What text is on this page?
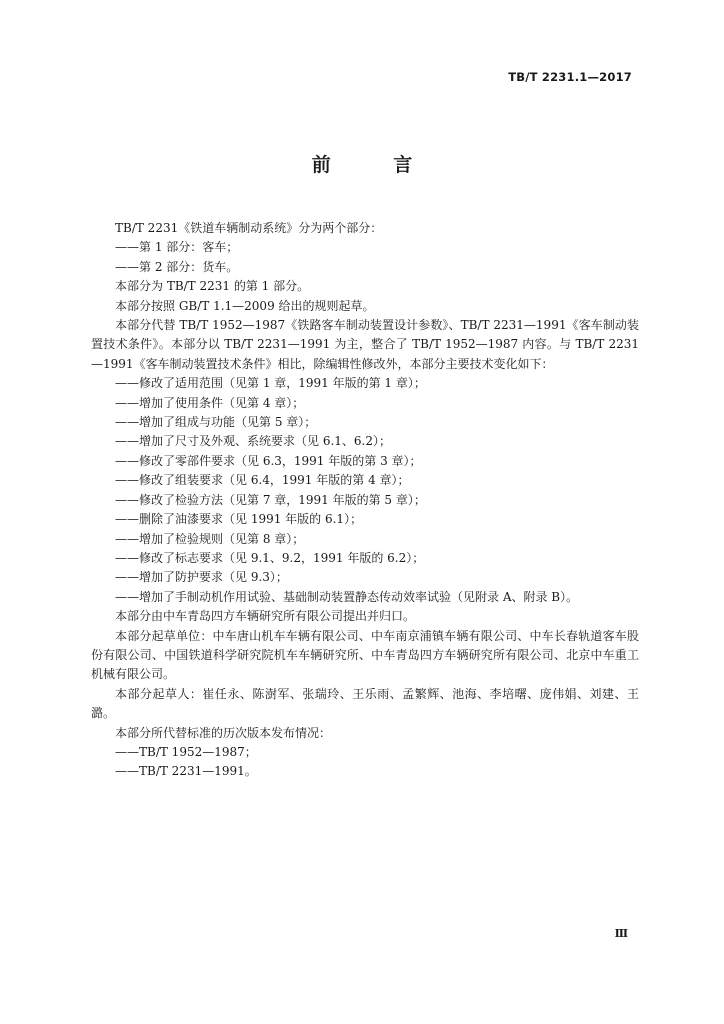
TB/T 2231.1—2017
前 言

TB/T 2231《铁道车辆制动系统》分为两个部分：

——第 1 部分：客车；

——第 2 部分：货车。

本部分为 TB/T 2231 的第 1 部分。

本部分按照 GB/T 1.1—2009 给出的规则起草。

本部分代替 TB/T 1952—1987《铁路客车制动装置设计参数》、TB/T 2231—1991《客车制动装置技术条件》。本部分以 TB/T 2231—1991 为主，整合了 TB/T 1952—1987 内容。与 TB/T 2231—1991《客车制动装置技术条件》相比，除编辑性修改外，本部分主要技术变化如下：

——修改了适用范围（见第 1 章，1991 年版的第 1 章）；

——增加了使用条件（见第 4 章）；

——增加了组成与功能（见第 5 章）；

——增加了尺寸及外观、系统要求（见 6.1、6.2）；

——修改了零部件要求（见 6.3，1991 年版的第 3 章）；

——修改了组装要求（见 6.4，1991 年版的第 4 章）；

——修改了检验方法（见第 7 章，1991 年版的第 5 章）；

——删除了油漆要求（见 1991 年版的 6.1）；

——增加了检验规则（见第 8 章）；

——修改了标志要求（见 9.1、9.2，1991 年版的 6.2）；

——增加了防护要求（见 9.3）；

——增加了手制动机作用试验、基础制动装置静态传动效率试验（见附录 A、附录 B）。

本部分由中车青岛四方车辆研究所有限公司提出并归口。

本部分起草单位：中车唐山机车车辆有限公司、中车南京浦镇车辆有限公司、中车长春轨道客车股份有限公司、中国铁道科学研究院机车车辆研究所、中车青岛四方车辆研究所有限公司、北京中车重工机械有限公司。

本部分起草人：崔任永、陈澍军、张瑞玲、王乐雨、孟繁辉、池海、李培曙、庞伟娟、刘建、王潞。

本部分所代替标准的历次版本发布情况：

——TB/T 1952—1987；

——TB/T 2231—1991。

Ⅲ
